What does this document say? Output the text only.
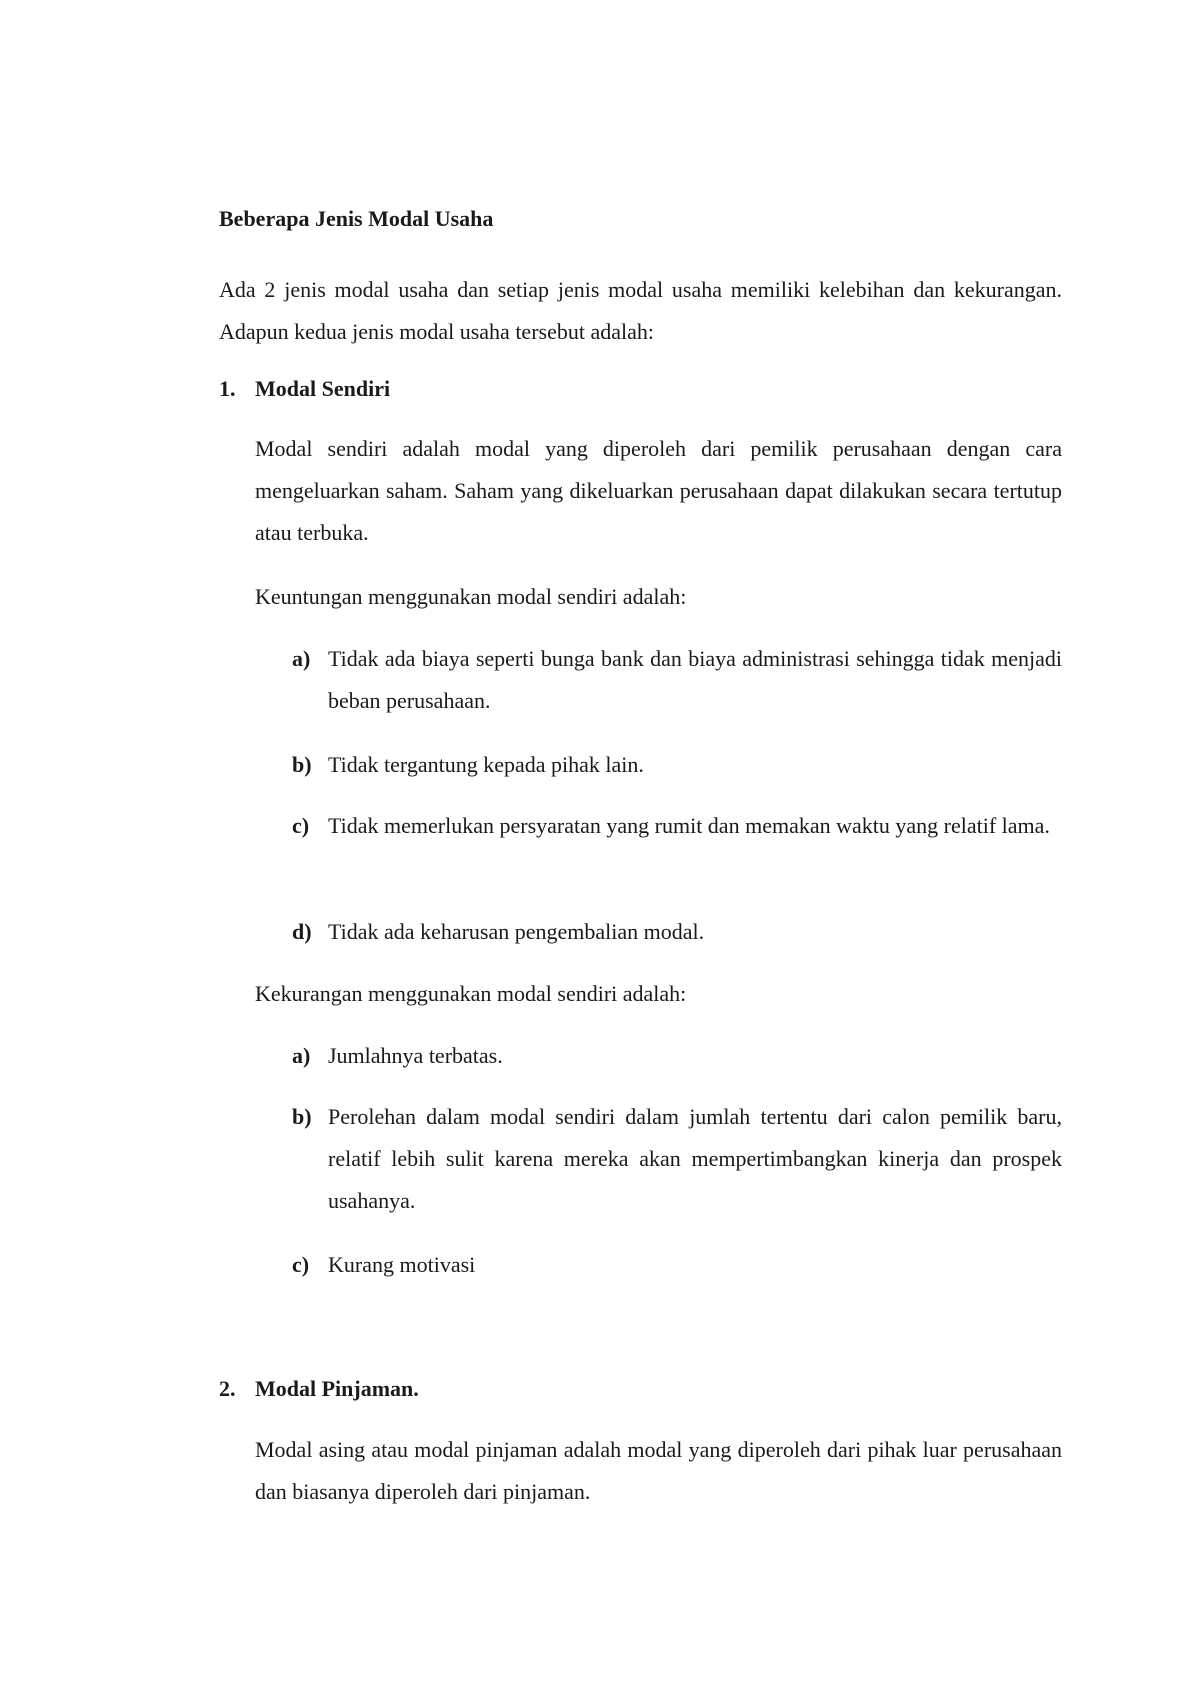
Beberapa Jenis Modal Usaha

Ada 2 jenis modal usaha dan setiap jenis modal usaha memiliki kelebihan dan kekurangan. Adapun kedua jenis modal usaha tersebut adalah:

1. Modal Sendiri

Modal sendiri adalah modal yang diperoleh dari pemilik perusahaan dengan cara mengeluarkan saham. Saham yang dikeluarkan perusahaan dapat dilakukan secara tertutup atau terbuka.

Keuntungan menggunakan modal sendiri adalah:

a) Tidak ada biaya seperti bunga bank dan biaya administrasi sehingga tidak menjadi beban perusahaan.

b) Tidak tergantung kepada pihak lain.

c) Tidak memerlukan persyaratan yang rumit dan memakan waktu yang relatif lama.

d) Tidak ada keharusan pengembalian modal.

Kekurangan menggunakan modal sendiri adalah:

a) Jumlahnya terbatas.

b) Perolehan dalam modal sendiri dalam jumlah tertentu dari calon pemilik baru, relatif lebih sulit karena mereka akan mempertimbangkan kinerja dan prospek usahanya.

c) Kurang motivasi

2. Modal Pinjaman.

Modal asing atau modal pinjaman adalah modal yang diperoleh dari pihak luar perusahaan dan biasanya diperoleh dari pinjaman.
